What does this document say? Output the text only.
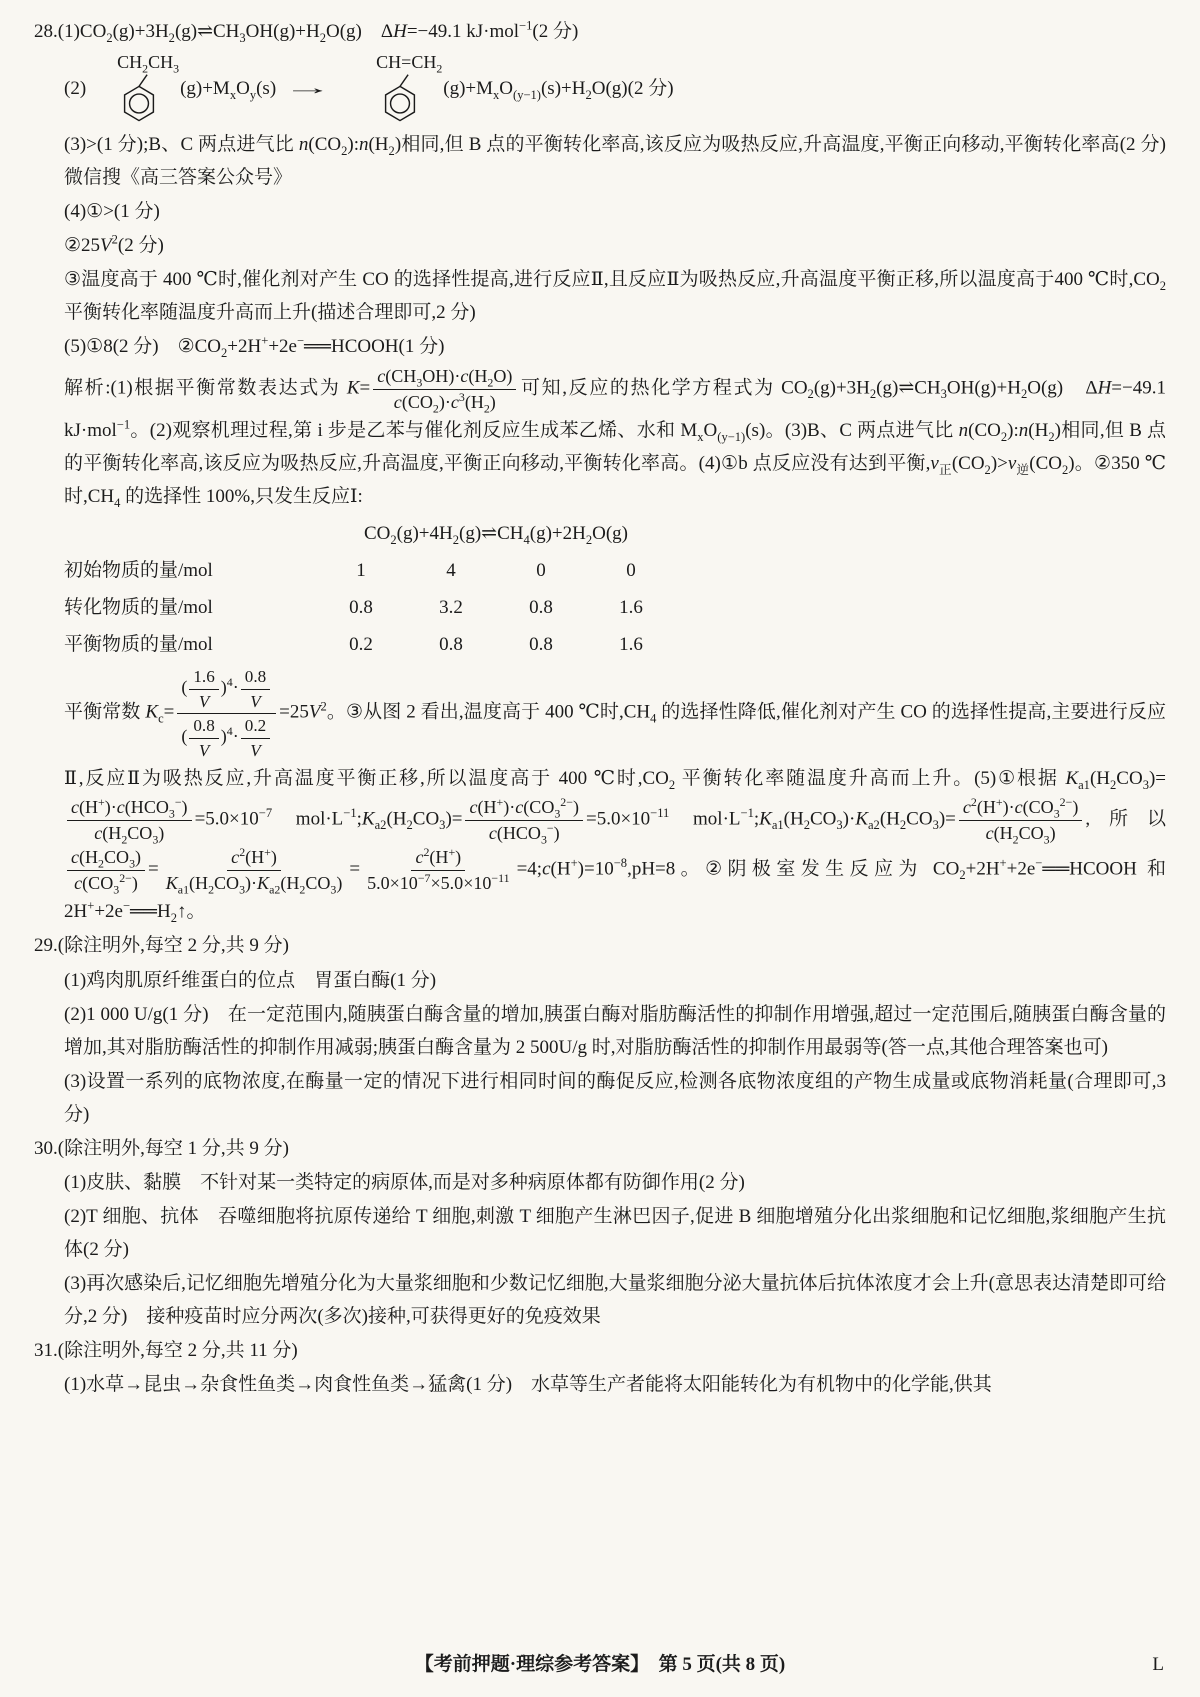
$28.(1)CO_2(g)+3H_2(g)\rightleftharpoons CH_3OH(g)+H_2O(g)$　ΔH=−49.1 kJ·mol$^{-1}$(2 分)

(2)
$CH_2CH_3$
$(g)+M_xO_y(s)$ →
$CH=CH_2$
$(g)+M_xO_{(y-1)}(s)+H_2O(g)(2$ 分)

(3)>(1 分);B、C 两点进气比 $n(CO_2):n(H_2)$相同,但 B 点的平衡转化率高,该反应为吸热反应,升高温度,平衡正向移动,平衡转化率高(2 分) 微信搜《高三答案公众号》

(4)①>(1 分)

$②25V^2(2$ 分)

③温度高于 400 ℃时,催化剂对产生 CO 的选择性提高,进行反应Ⅱ,且反应Ⅱ为吸热反应,升高温度平衡正移,所以温度高于400 ℃时$,CO_2$ 平衡转化率随温度升高而上升(描述合理即可,2 分)

(5)①8(2 分)　$②CO_2+2H^++2e^-══HCOOH(1$ 分)

解析:(1)根据平衡常数表达式为 $K= \frac{c(CH_3OH)\cdot c(H_2O)}{c(CO_2)\cdot c^3(H_2)}$ 可知,反应的热化学方程式为 $CO_2(g)+3H_2(g)\rightleftharpoons CH_3OH(g)+H_2O(g)$　ΔH=−49.1 kJ·mol$^{-1}$。(2)观察机理过程,第 i 步是乙苯与催化剂反应生成苯乙烯、水和 $M_xO_{(y-1)}(s)$。(3)B、C 两点进气比 $n(CO_2):n(H_2)$相同,但 B 点的平衡转化率高,该反应为吸热反应,升高温度,平衡正向移动,平衡转化率高。(4)①b 点反应没有达到平衡$,v_正(CO_2)>v_逆(CO_2)$。②350 ℃时$,CH_4$ 的选择性 100%,只发生反应Ⅰ:

	$CO_2(g)+4H_2(g)\rightleftharpoons CH_4(g)+2H_2O(g)$			
初始物质的量/mol	1	4	0	0
转化物质的量/mol	0.8	3.2	0.8	1.6
平衡物质的量/mol	0.2	0.8	0.8	1.6

平衡常数 $K_c= \frac{( \frac{1.6}{V} )^4\cdot \frac{0.8}{V}}{( \frac{0.8}{V} )^4\cdot \frac{0.2}{V}} =25V^2$。③从图 2 看出,温度高于 400 ℃时$,CH_4$ 的选择性降低,催化剂对产生 CO 的选择性提高,主要进行反应Ⅱ,反应Ⅱ为吸热反应,升高温度平衡正移,所以温度高于 400 ℃时$,CO_2$ 平衡转化率随温度升高而上升。(5)①根据 $K_{a1}(H_2CO_3)=$
$\frac{c(H^+)\cdot c(HCO_3^-)}{c(H_2CO_3)} =5.0\times 10^{-7}$ $mol\cdot L^{-1};K_{a2}(H_2CO_3)= \frac{c(H^+)\cdot c(CO_3^{2-})}{c(HCO_3^-)} =5.0\times 10^{-11}$ $mol\cdot L^{-1};K_{a1}(H_2CO_3)\cdot K_{a2}(H_2CO_3)= \frac{c^2(H^+)\cdot c(CO_3^{2-})}{c(H_2CO_3)}$ ,所以
$\frac{c(H_2CO_3)}{c(CO_3^{2-})} = \frac{c^2(H^+)}{K_{a1}(H_2CO_3)\cdot K_{a2}(H_2CO_3)} = \frac{c^2(H^+)}{5.0\times 10^{-7}\times 5.0\times 10^{-11}}$ $=4;c(H^+)=10^{-8},pH=8$。②阴极室发生反应为 $CO_2+2H^++2e^-══HCOOH$ 和 $2H^++2e^-══H_2↑$。

29.(除注明外,每空 2 分,共 9 分)

(1)鸡肉肌原纤维蛋白的位点　胃蛋白酶(1 分)

(2)1 000 U/g(1 分)　在一定范围内,随胰蛋白酶含量的增加,胰蛋白酶对脂肪酶活性的抑制作用增强,超过一定范围后,随胰蛋白酶含量的增加,其对脂肪酶活性的抑制作用减弱;胰蛋白酶含量为 2 500U/g 时,对脂肪酶活性的抑制作用最弱等(答一点,其他合理答案也可)

(3)设置一系列的底物浓度,在酶量一定的情况下进行相同时间的酶促反应,检测各底物浓度组的产物生成量或底物消耗量(合理即可,3 分)

30.(除注明外,每空 1 分,共 9 分)

(1)皮肤、黏膜　不针对某一类特定的病原体,而是对多种病原体都有防御作用(2 分)

(2)T 细胞、抗体　吞噬细胞将抗原传递给 T 细胞,刺激 T 细胞产生淋巴因子,促进 B 细胞增殖分化出浆细胞和记忆细胞,浆细胞产生抗体(2 分)

(3)再次感染后,记忆细胞先增殖分化为大量浆细胞和少数记忆细胞,大量浆细胞分泌大量抗体后抗体浓度才会上升(意思表达清楚即可给分,2 分)　接种疫苗时应分两次(多次)接种,可获得更好的免疫效果

31.(除注明外,每空 2 分,共 11 分)

(1)水草→昆虫→杂食性鱼类→肉食性鱼类→猛禽(1 分)　水草等生产者能将太阳能转化为有机物中的化学能,供其

【考前押题·理综参考答案】　第 5 页(共 8 页)	L
